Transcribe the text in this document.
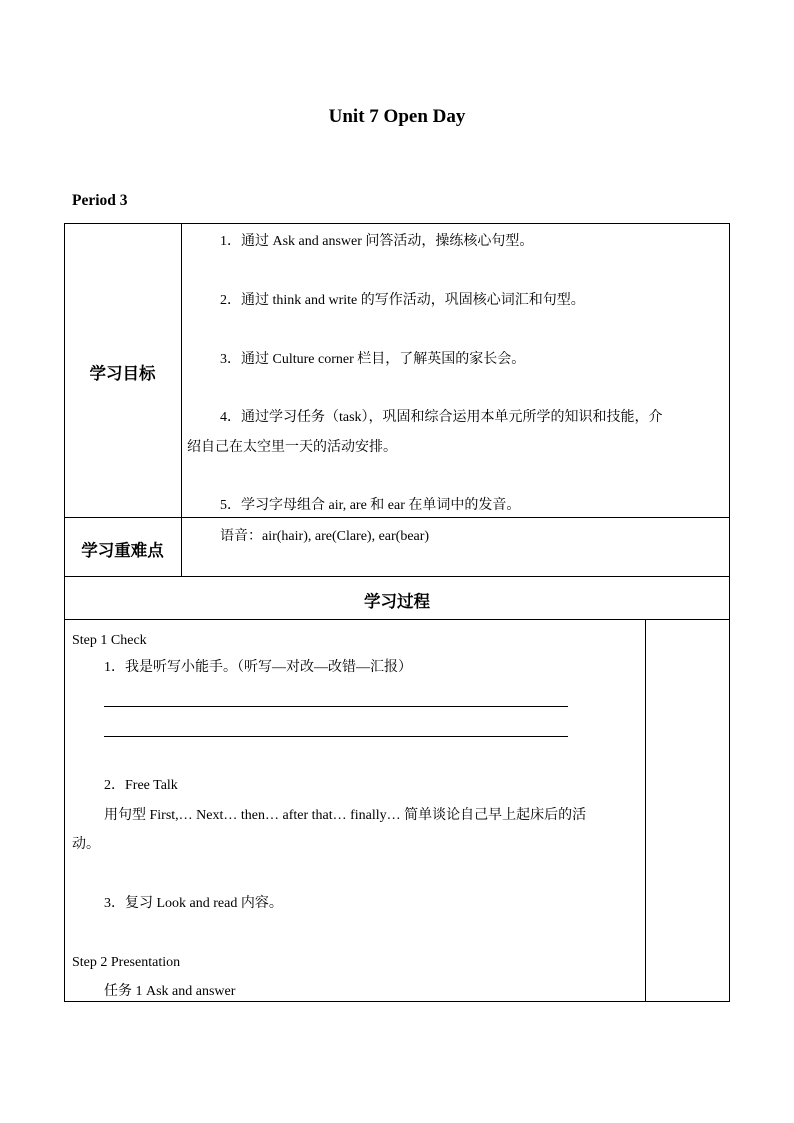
Unit 7 Open Day
Period 3
学习目标
1．通过 Ask and answer 问答活动，操练核心句型。
2．通过 think and write 的写作活动，巩固核心词汇和句型。
3．通过 Culture corner 栏目，了解英国的家长会。
4．通过学习任务（task），巩固和综合运用本单元所学的知识和技能，介
绍自己在太空里一天的活动安排。
5．学习字母组合 air, are 和 ear 在单词中的发音。
学习重难点
语音：air(hair), are(Clare), ear(bear)
学习过程
Step 1 Check
1．我是听写小能手。（听写—对改—改错—汇报）
2．Free Talk
用句型 First,… Next… then… after that… finally… 简单谈论自己早上起床后的活
动。
3．复习 Look and read 内容。
Step 2 Presentation
任务 1 Ask and answer
